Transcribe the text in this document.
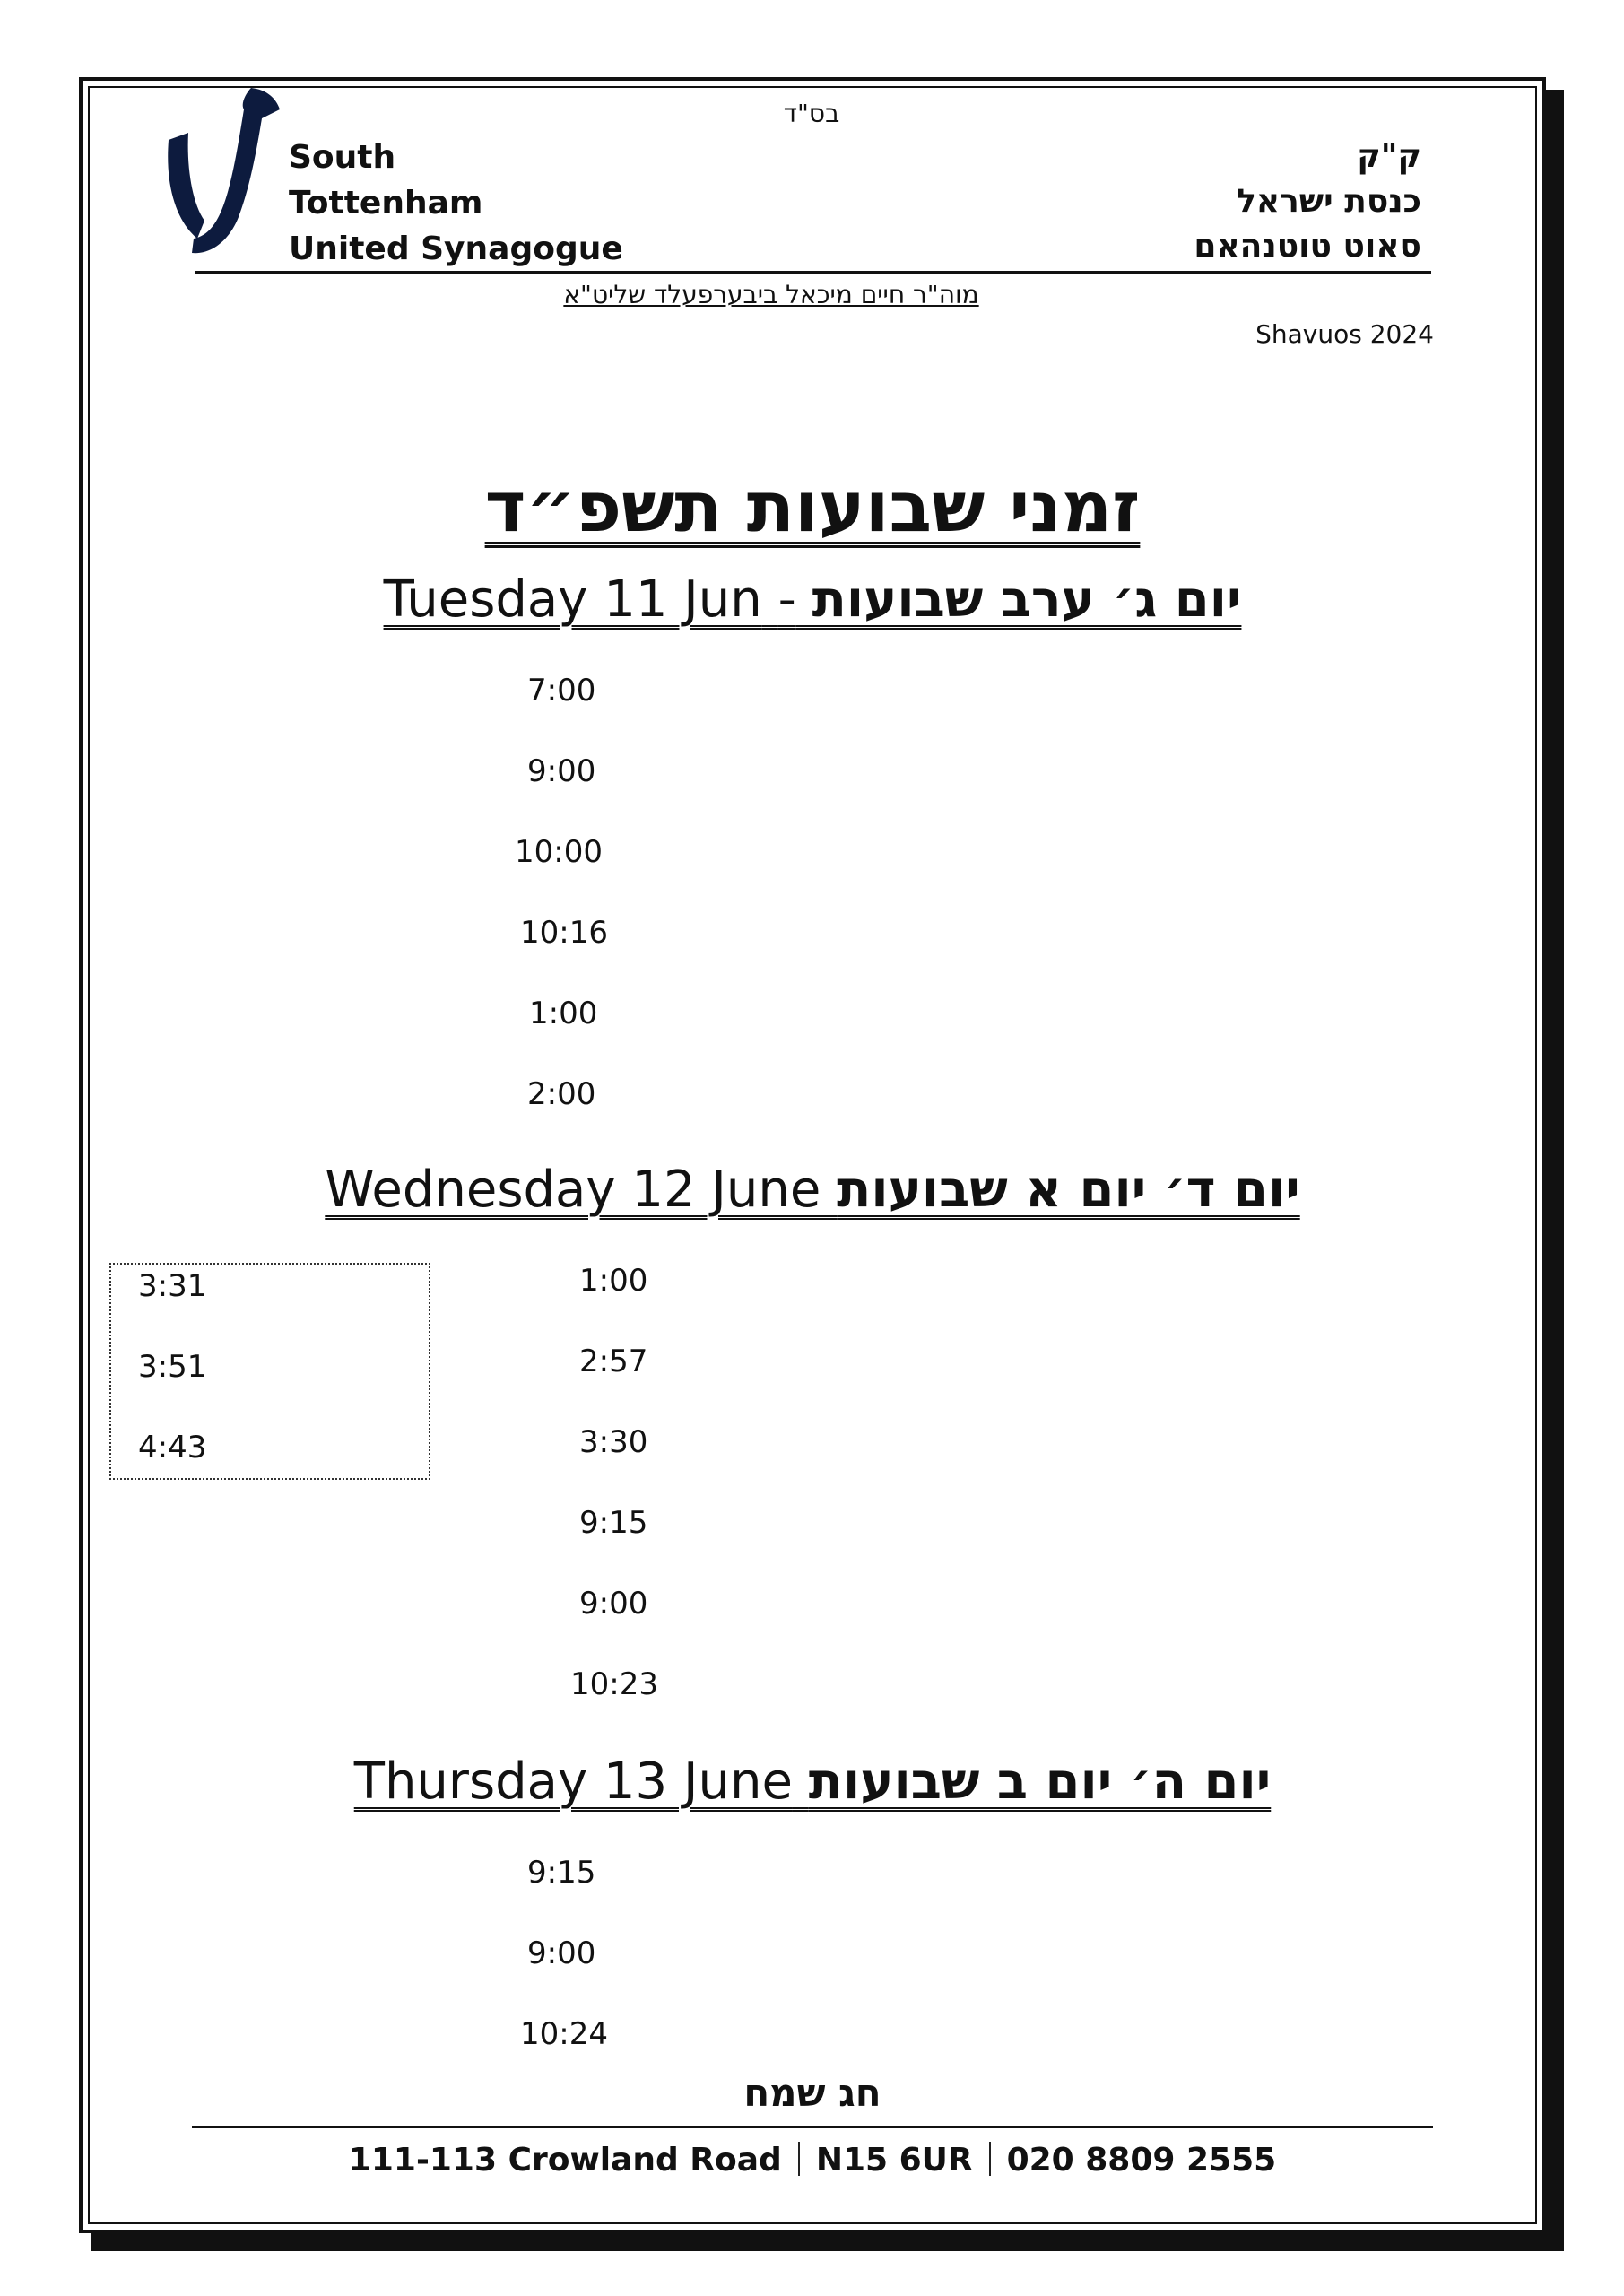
בס"ד
South
Tottenham
United Synagogue
ק"ק
כנסת ישראל
סאוט טוטנהאם
מוה"ר חיים מיכאל ביבערפעלד שליט"א
Shavuos 2024
זמני שבועות תשפ״ד
Tuesday 11 Jun - יום ג׳ ערב שבועות
7:00
9:00
10:00
10:16
1:00
2:00
Wednesday 12 June יום ד׳ יום א שבועות
3:31
3:51
4:43
1:00
2:57
3:30
9:15
9:00
10:23
Thursday 13 June יום ה׳ יום ב שבועות
9:15
9:00
10:24
חג שמח
111-113 Crowland Road N15 6UR 020 8809 2555
